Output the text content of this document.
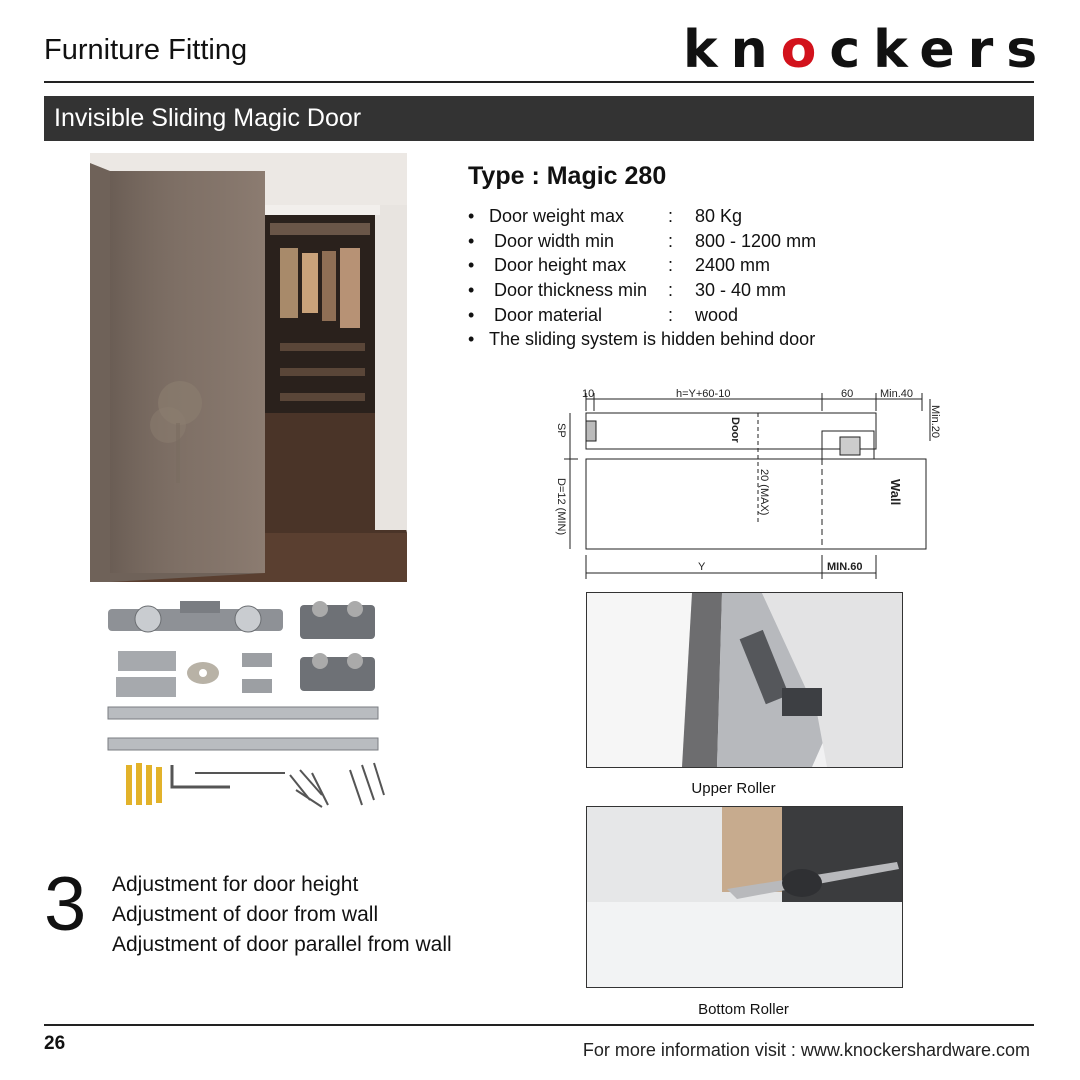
Furniture Fitting	knockers
Invisible Sliding Magic Door
Type : Magic 280
• Door weight max : 80 Kg
• Door width min	: 800 - 1200 mm
• Door height max : 2400 mm
• Door thickness min : 30 - 40 mm
• Door material	: wood
• The sliding system is hidden behind door
10	h=Y+60-10	60 Min.40
Min.20
SP
D=12 (MIN)
Door
20 (MAX)	Wall
Y	MIN.60
Upper Roller
Bottom Roller
3 Adjustment for door height
Adjustment of door from wall
Adjustment of door parallel from wall
26	For more information visit : www.knockershardware.com
